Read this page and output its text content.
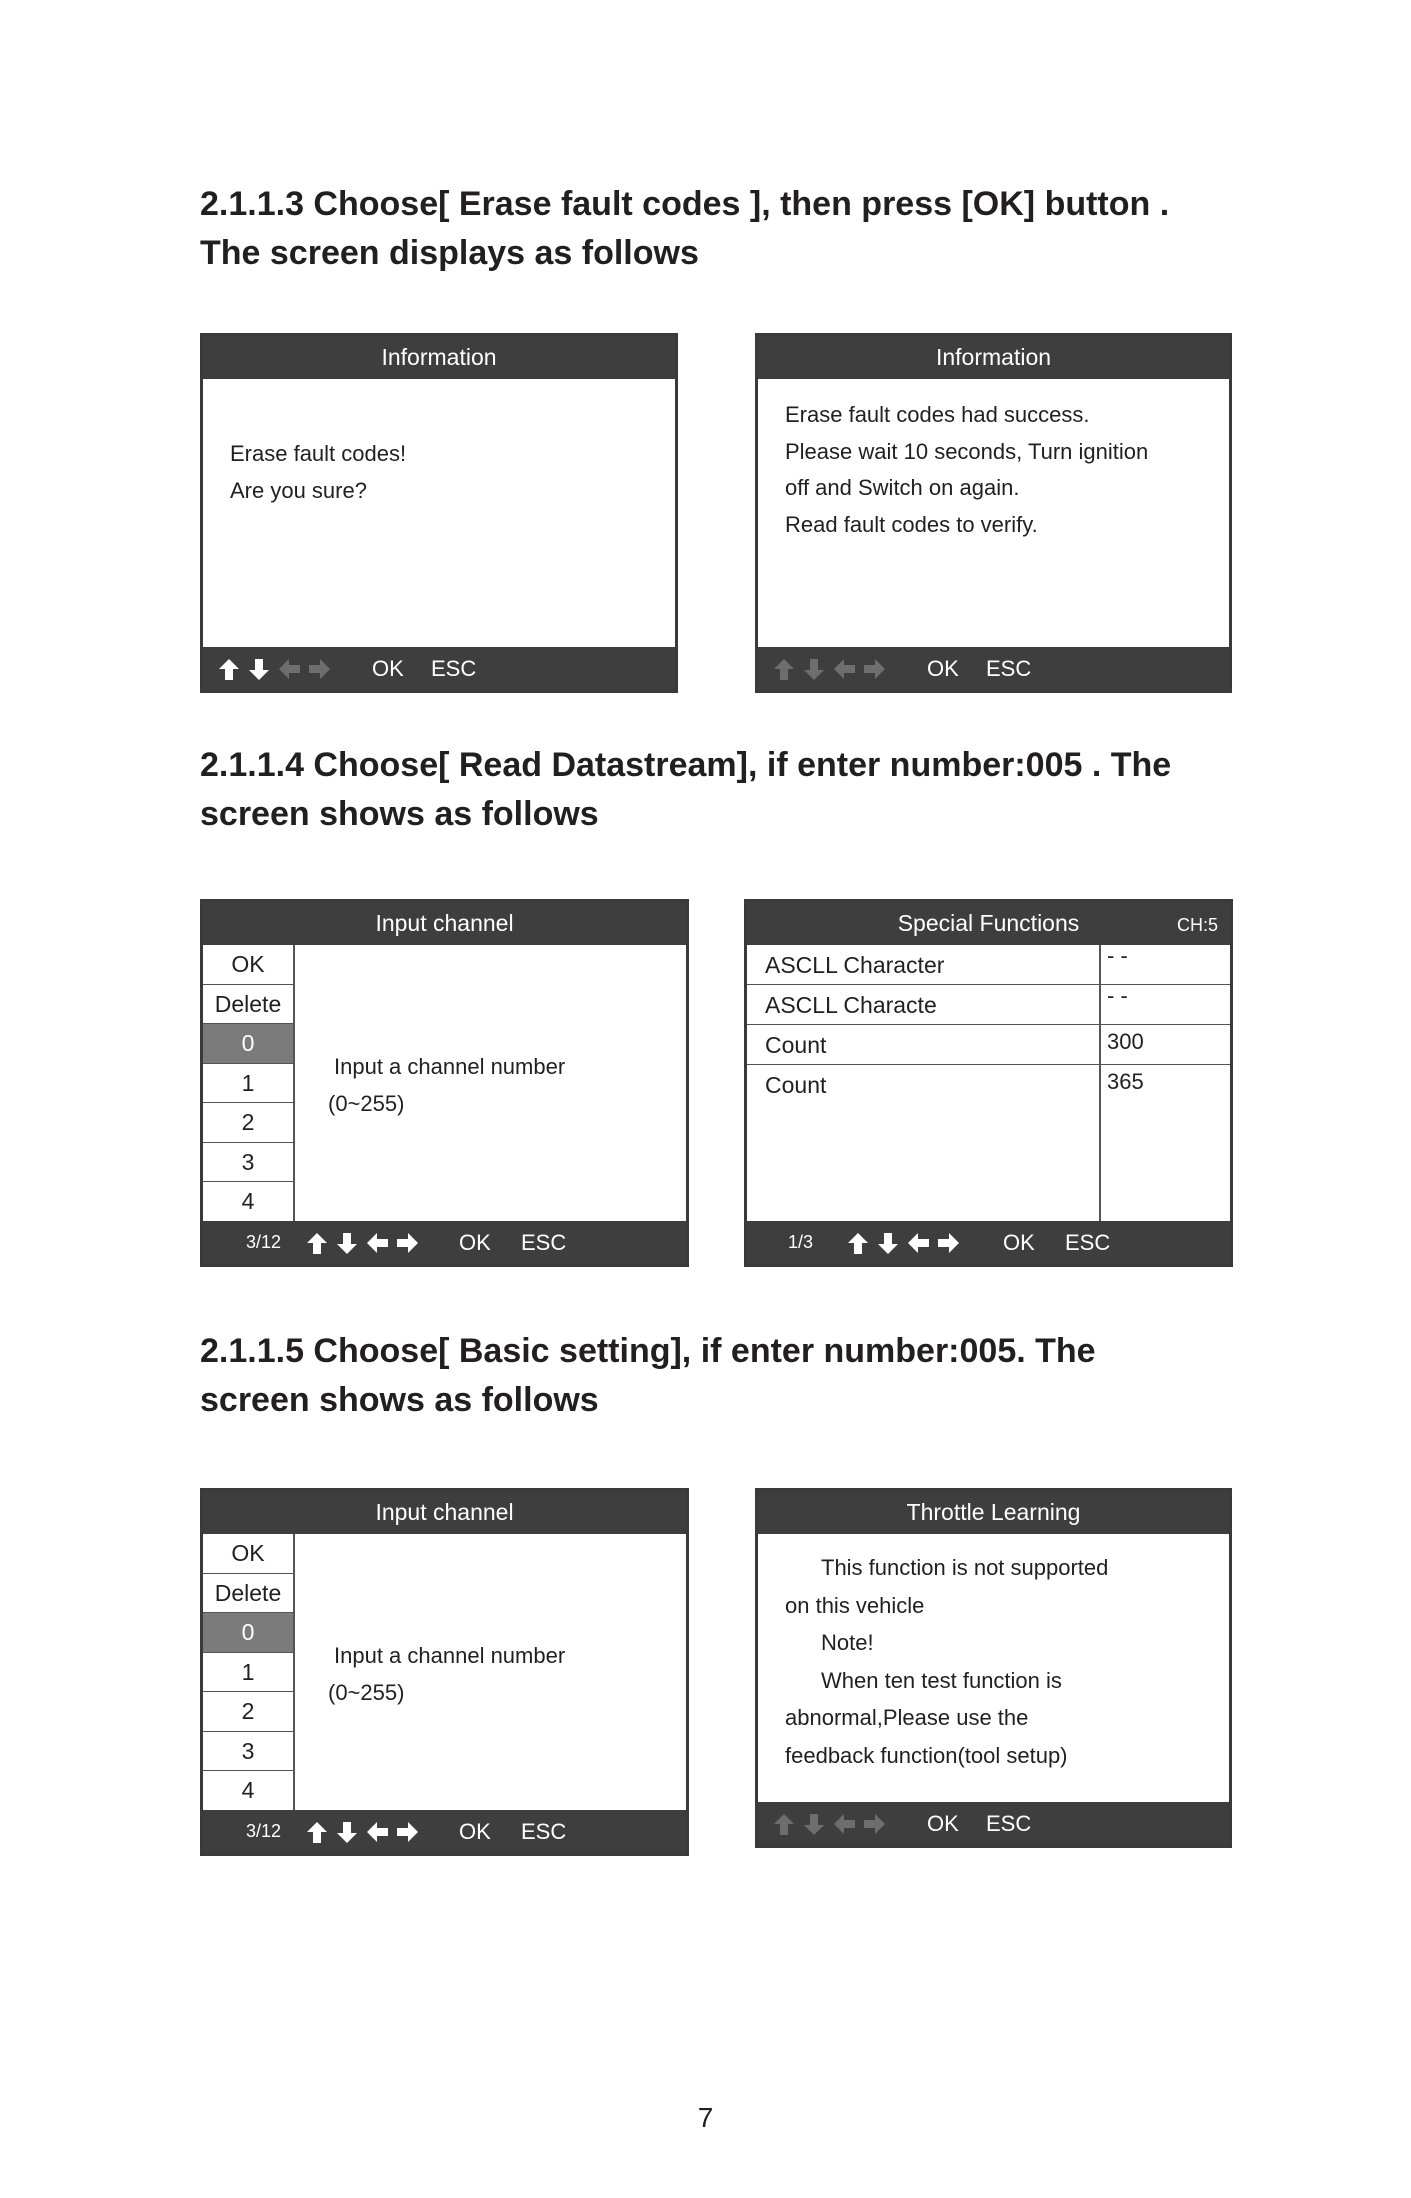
2.1.1.3 Choose[ Erase fault codes ], then press [OK] button .
The screen displays as follows
Information
Erase fault codes!
Are you sure?
OK ESC
Information
Erase fault codes had success.
Please wait 10 seconds, Turn ignition
off and Switch on again.
Read fault codes to verify.
OK ESC
2.1.1.4 Choose[ Read Datastream], if enter number:005 . The
screen shows as follows
Input channel
OK
Delete
0
1
2
3
4
Input a channel number
(0~255)
3/12	OK ESC
Special Functions	CH:5
ASCLL Character	- -
ASCLL Characte	- -
Count	300
Count	365
1/3	OK ESC
2.1.1.5 Choose[ Basic setting], if enter number:005. The
screen shows as follows
Input channel
OK
Delete
0
1
2
3
4
Input a channel number
(0~255)
3/12	OK ESC
Throttle Learning
This function is not supported
on this vehicle
Note!
When ten test function is
abnormal,Please use the
feedback function(tool setup)
OK ESC
7
